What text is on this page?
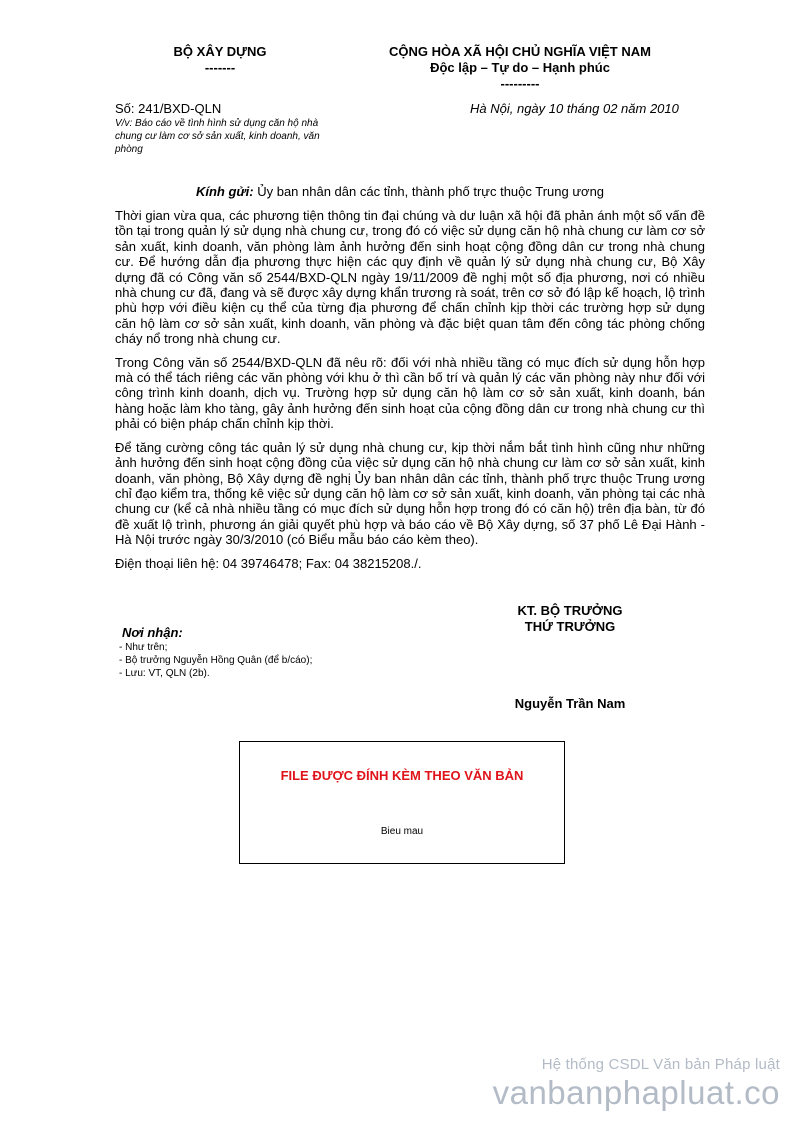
BỘ XÂY DỰNG
-------
CỘNG HÒA XÃ HỘI CHỦ NGHĨA VIỆT NAM
Độc lập – Tự do – Hạnh phúc
---------
Số: 241/BXD-QLN
V/v: Báo cáo về tình hình sử dụng căn hộ nhà chung cư làm cơ sở sản xuất, kinh doanh, văn phòng
Hà Nội, ngày 10 tháng 02 năm 2010
Kính gửi: Ủy ban nhân dân các tỉnh, thành phố trực thuộc Trung ương

Thời gian vừa qua, các phương tiện thông tin đại chúng và dư luận xã hội đã phản ánh một số vấn đề tồn tại trong quản lý sử dụng nhà chung cư, trong đó có việc sử dụng căn hộ nhà chung cư làm cơ sở sản xuất, kinh doanh, văn phòng làm ảnh hưởng đến sinh hoạt cộng đồng dân cư trong nhà chung cư. Để hướng dẫn địa phương thực hiện các quy định về quản lý sử dụng nhà chung cư, Bộ Xây dựng đã có Công văn số 2544/BXD-QLN ngày 19/11/2009 đề nghị một số địa phương, nơi có nhiều nhà chung cư đã, đang và sẽ được xây dựng khẩn trương rà soát, trên cơ sở đó lập kế hoạch, lộ trình phù hợp với điều kiện cụ thể của từng địa phương để chấn chỉnh kịp thời các trường hợp sử dụng căn hộ làm cơ sở sản xuất, kinh doanh, văn phòng và đặc biệt quan tâm đến công tác phòng chống cháy nổ trong nhà chung cư.

Trong Công văn số 2544/BXD-QLN đã nêu rõ: đối với nhà nhiều tầng có mục đích sử dụng hỗn hợp mà có thể tách riêng các văn phòng với khu ở thì cần bố trí và quản lý các văn phòng này như đối với công trình kinh doanh, dịch vụ. Trường hợp sử dụng căn hộ làm cơ sở sản xuất, kinh doanh, bán hàng hoặc làm kho tàng, gây ảnh hưởng đến sinh hoạt của cộng đồng dân cư trong nhà chung cư thì phải có biện pháp chấn chỉnh kịp thời.

Để tăng cường công tác quản lý sử dụng nhà chung cư, kịp thời nắm bắt tình hình cũng như những ảnh hưởng đến sinh hoạt cộng đồng của việc sử dụng căn hộ nhà chung cư làm cơ sở sản xuất, kinh doanh, văn phòng, Bộ Xây dựng đề nghị Ủy ban nhân dân các tỉnh, thành phố trực thuộc Trung ương chỉ đạo kiểm tra, thống kê việc sử dụng căn hộ làm cơ sở sản xuất, kinh doanh, văn phòng tại các nhà chung cư (kể cả nhà nhiều tầng có mục đích sử dụng hỗn hợp trong đó có căn hộ) trên địa bàn, từ đó đề xuất lộ trình, phương án giải quyết phù hợp và báo cáo về Bộ Xây dựng, số 37 phố Lê Đại Hành - Hà Nội trước ngày 30/3/2010 (có Biểu mẫu báo cáo kèm theo).

Điện thoại liên hệ: 04 39746478; Fax: 04 38215208./.

KT. BỘ TRƯỞNG
THỨ TRƯỞNG
Nguyễn Trần Nam
Nơi nhận:
- Như trên;
- Bộ trưởng Nguyễn Hồng Quân (để b/cáo);
- Lưu: VT, QLN (2b).
FILE ĐƯỢC ĐÍNH KÈM THEO VĂN BẢN
Bieu mau
Hệ thống CSDL Văn bản Pháp luật
vanbanphapluat.co
